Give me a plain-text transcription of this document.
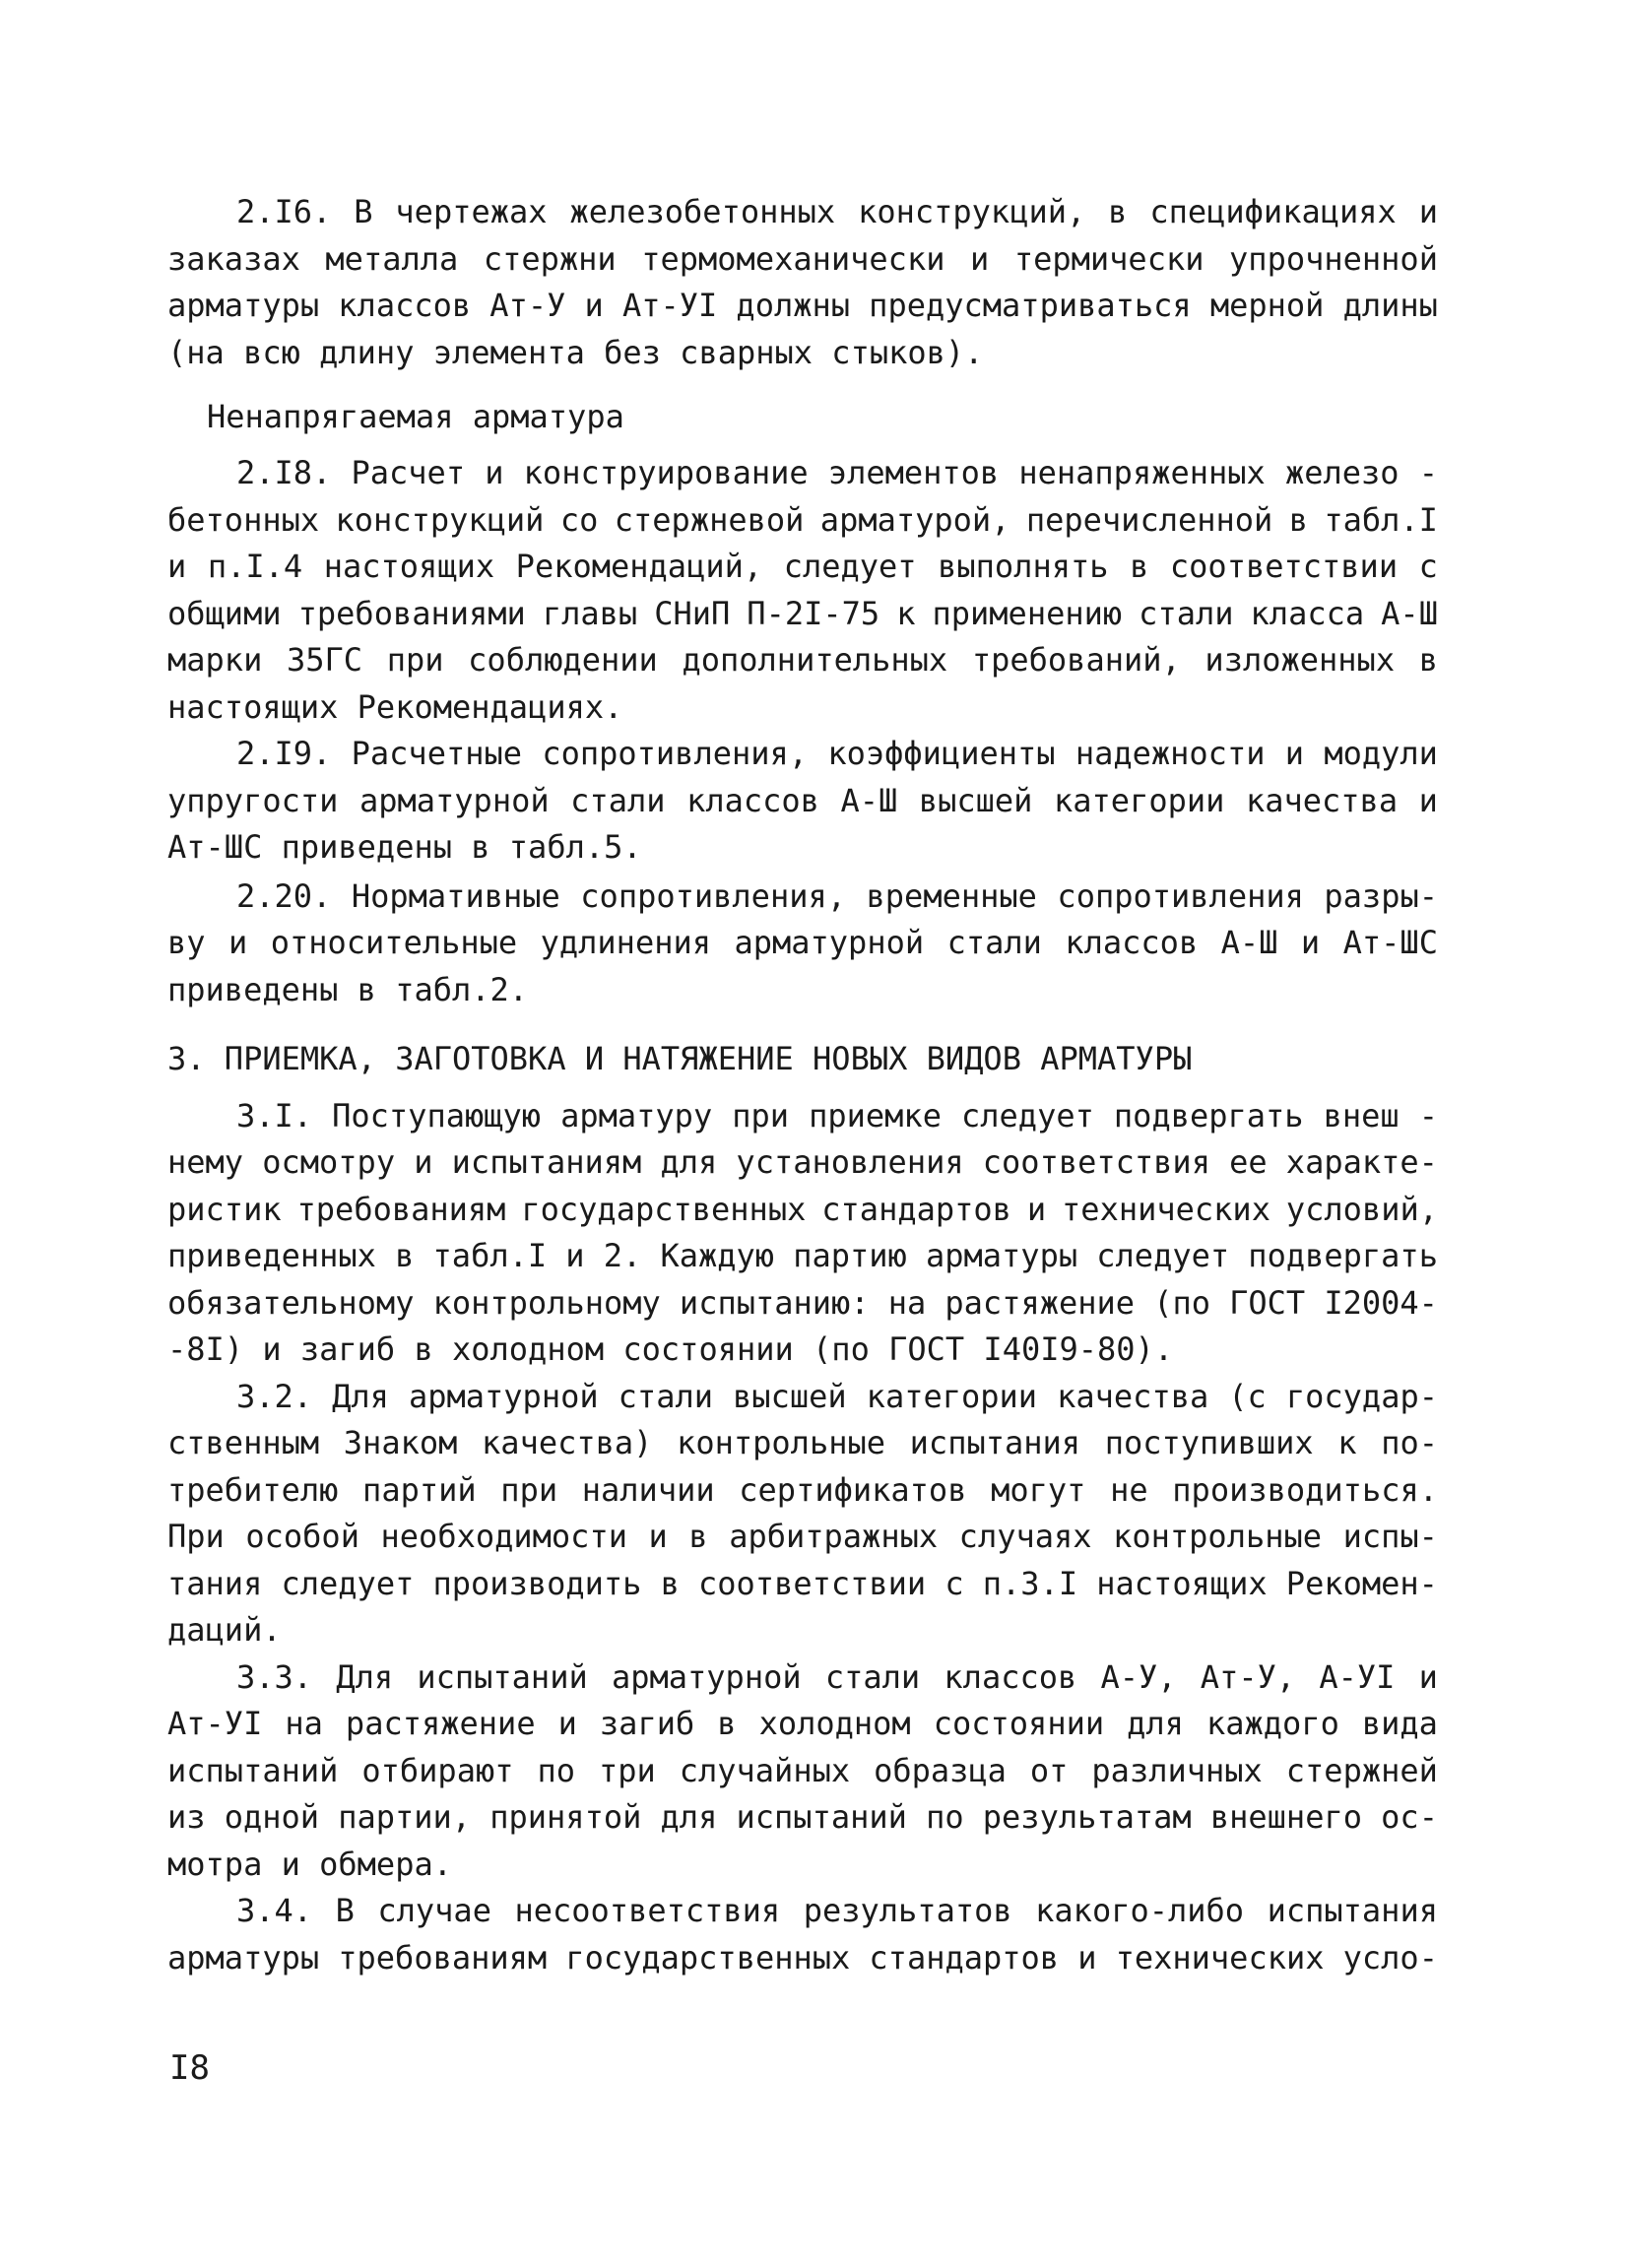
2.I6. В чертежах железобетонных конструкций, в спецификациях и
заказах металла стержни термомеханически и термически упрочненной
арматуры классов Ат-У и Ат-УI должны предусматриваться мерной длины
(на всю длину элемента без сварных стыков).
Ненапрягаемая арматура
2.I8. Расчет и конструирование элементов ненапряженных железо -
бетонных конструкций со стержневой арматурой, перечисленной в табл.I
и п.I.4 настоящих Рекомендаций, следует выполнять в соответствии с
общими требованиями главы СНиП П-2I-75 к применению стали класса А-Ш
марки 35ГС при соблюдении дополнительных требований, изложенных в
настоящих Рекомендациях.
2.I9. Расчетные сопротивления, коэффициенты надежности и модули
упругости арматурной стали классов А-Ш высшей категории качества и
Ат-ШС приведены в табл.5.
2.20. Нормативные сопротивления, временные сопротивления разры-
ву и относительные удлинения арматурной стали классов А-Ш и Ат-ШС
приведены в табл.2.
3. ПРИЕМКА, ЗАГОТОВКА И НАТЯЖЕНИЕ НОВЫХ ВИДОВ АРМАТУРЫ
3.I. Поступающую арматуру при приемке следует подвергать внеш -
нему осмотру и испытаниям для установления соответствия ее характе-
ристик требованиям государственных стандартов и технических условий,
приведенных в табл.I и 2. Каждую партию арматуры следует подвергать
обязательному контрольному испытанию: на растяжение (по ГОСТ I2004-
-8I) и загиб в холодном состоянии (по ГОСТ I40I9-80).
3.2. Для арматурной стали высшей категории качества (с государ-
ственным Знаком качества) контрольные испытания поступивших к по-
требителю партий при наличии сертификатов могут не производиться.
При особой необходимости и в арбитражных случаях контрольные испы-
тания следует производить в соответствии с п.3.I настоящих Рекомен-
даций.
3.3. Для испытаний арматурной стали классов А-У, Ат-У, А-УI и
Ат-УI на растяжение и загиб в холодном состоянии для каждого вида
испытаний отбирают по три случайных образца от различных стержней
из одной партии, принятой для испытаний по результатам внешнего ос-
мотра и обмера.
3.4. В случае несоответствия результатов какого-либо испытания
арматуры требованиям государственных стандартов и технических усло-
I8
